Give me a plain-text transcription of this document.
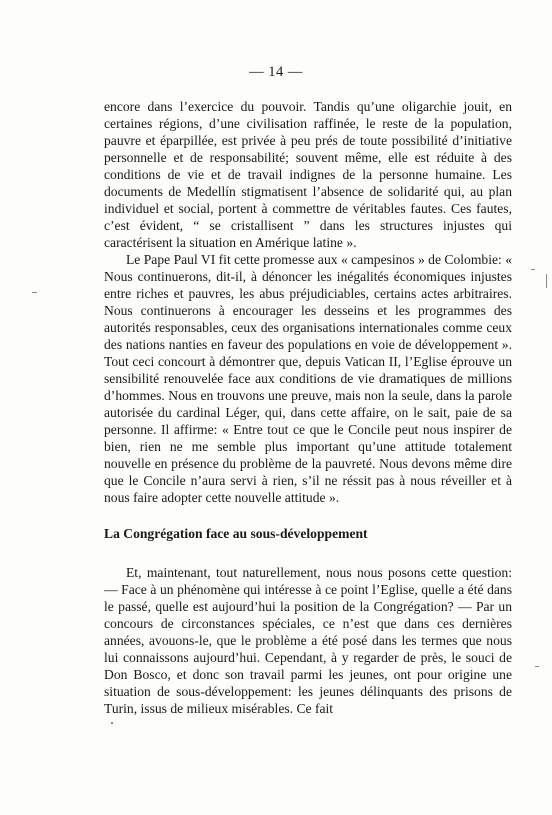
— 14 —

encore dans l’exercice du pouvoir. Tandis qu’une oligarchie jouit, en certaines régions, d’une civilisation raffinée, le reste de la population, pauvre et éparpillée, est privée à peu prés de toute possibilité d’initiative personnelle et de responsabilité; souvent même, elle est réduite à des conditions de vie et de travail indignes de la personne humaine. Les documents de Medellín stigmatisent l’absence de solidarité qui, au plan individuel et social, portent à commettre de véritables fautes. Ces fautes, c’est évident, “ se cristallisent ” dans les structures injustes qui caractérisent la situation en Amérique latine ».

Le Pape Paul VI fit cette promesse aux « campesinos » de Colombie: « Nous continuerons, dit-il, à dénoncer les inégalités économiques injustes entre riches et pauvres, les abus préjudiciables, certains actes arbitraires. Nous continuerons à encourager les desseins et les programmes des autorités responsables, ceux des organisations internationales comme ceux des nations nanties en faveur des populations en voie de développement ». Tout ceci concourt à démontrer que, depuis Vatican II, l’Eglise éprouve un sensibilité renouvelée face aux conditions de vie dramatiques de millions d’hommes. Nous en trouvons une preuve, mais non la seule, dans la parole autorisée du cardinal Léger, qui, dans cette affaire, on le sait, paie de sa personne. Il affirme: « Entre tout ce que le Concile peut nous inspirer de bien, rien ne me semble plus important qu’une attitude totalement nouvelle en présence du problème de la pauvreté. Nous devons même dire que le Concile n’aura servi à rien, s’il ne réssit pas à nous réveiller et à nous faire adopter cette nouvelle attitude ».

La Congrégation face au sous-développement

Et, maintenant, tout naturellement, nous nous posons cette question: — Face à un phénomène qui intéresse à ce point l’Eglise, quelle a été dans le passé, quelle est aujourd’hui la position de la Congrégation? — Par un concours de circonstances spéciales, ce n’est que dans ces dernières années, avouons-le, que le problème a été posé dans les termes que nous lui connaissons aujourd’hui. Cependant, à y regarder de près, le souci de Don Bosco, et donc son travail parmi les jeunes, ont pour origine une situation de sous-développement: les jeunes délinquants des prisons de Turin, issus de milieux misérables. Ce fait
